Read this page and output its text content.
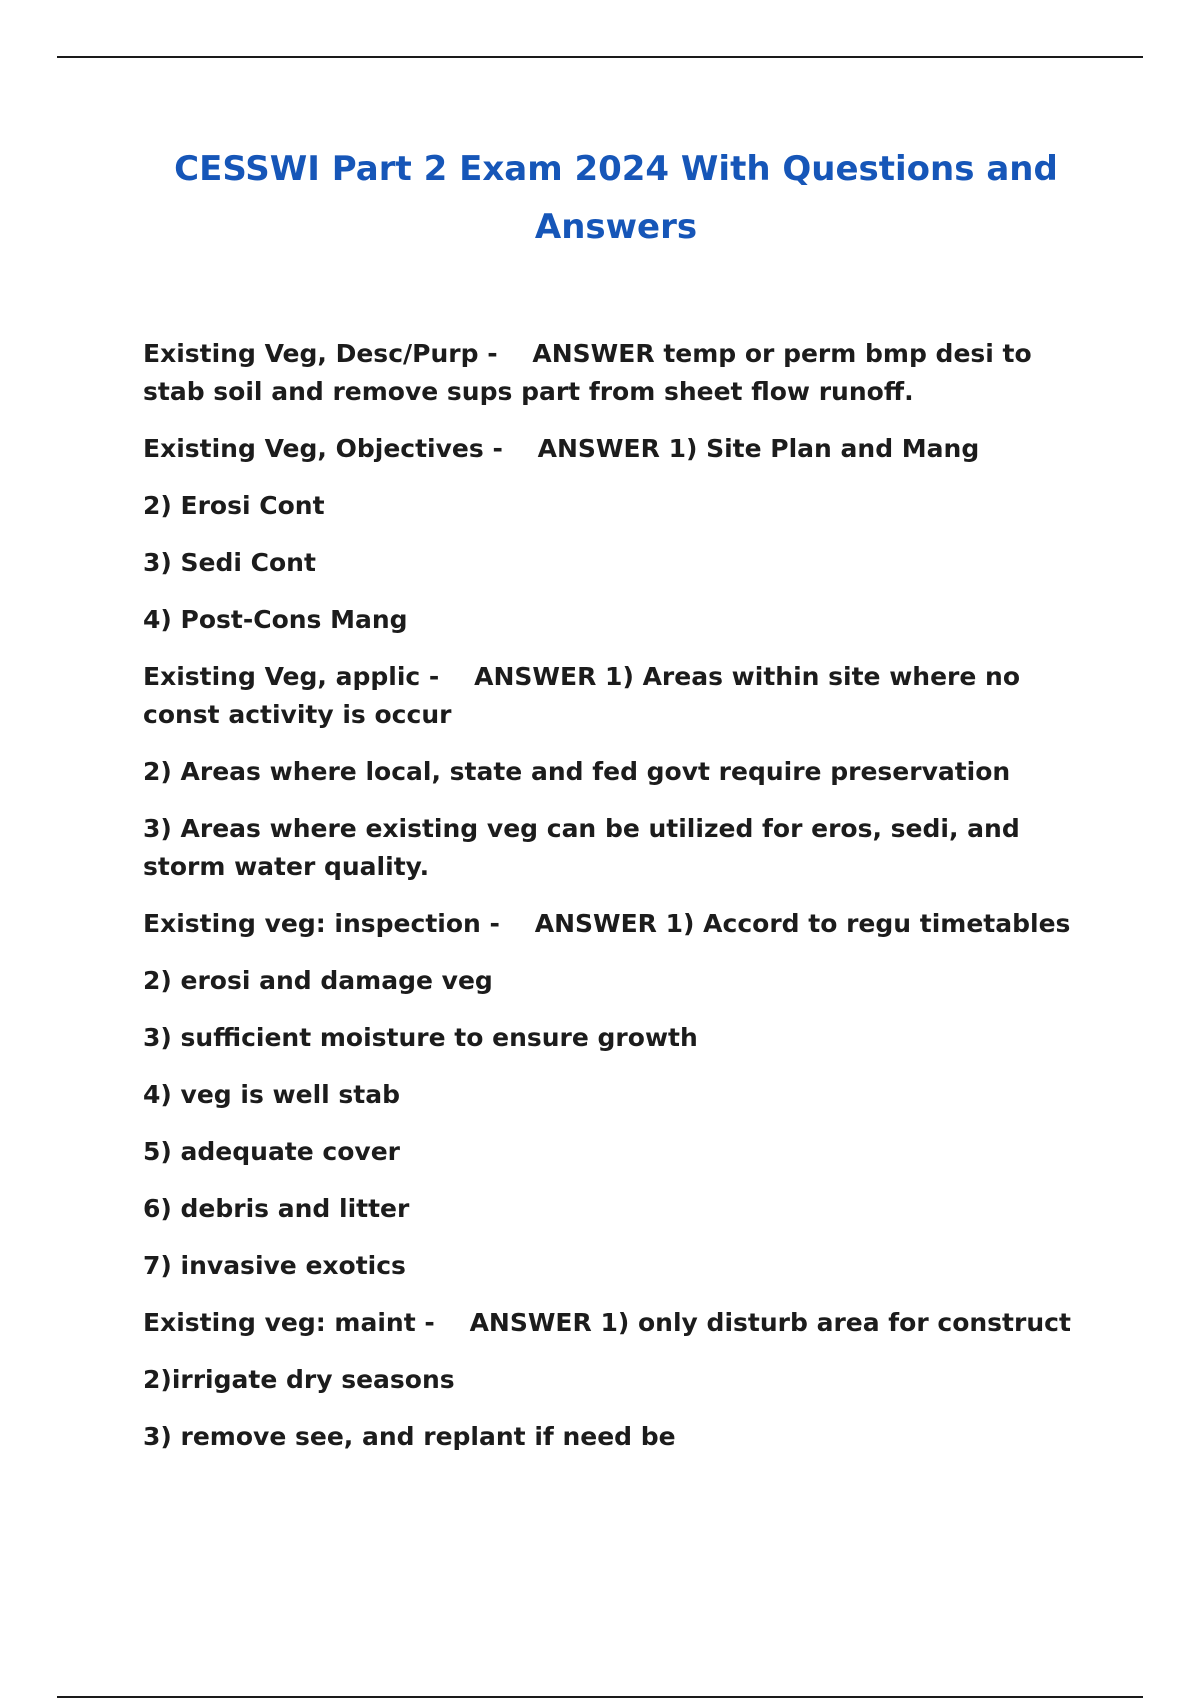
CESSWI Part 2 Exam 2024 With Questions and Answers

Existing Veg, Desc/Purp - ANSWER temp or perm bmp desi to stab soil and remove sups part from sheet flow runoff.

Existing Veg, Objectives - ANSWER 1) Site Plan and Mang

2) Erosi Cont

3) Sedi Cont

4) Post-Cons Mang

Existing Veg, applic - ANSWER 1) Areas within site where no const activity is occur

2) Areas where local, state and fed govt require preservation

3) Areas where existing veg can be utilized for eros, sedi, and storm water quality.

Existing veg: inspection - ANSWER 1) Accord to regu timetables

2) erosi and damage veg

3) sufficient moisture to ensure growth

4) veg is well stab

5) adequate cover

6) debris and litter

7) invasive exotics

Existing veg: maint - ANSWER 1) only disturb area for construct

2)irrigate dry seasons

3) remove see, and replant if need be
